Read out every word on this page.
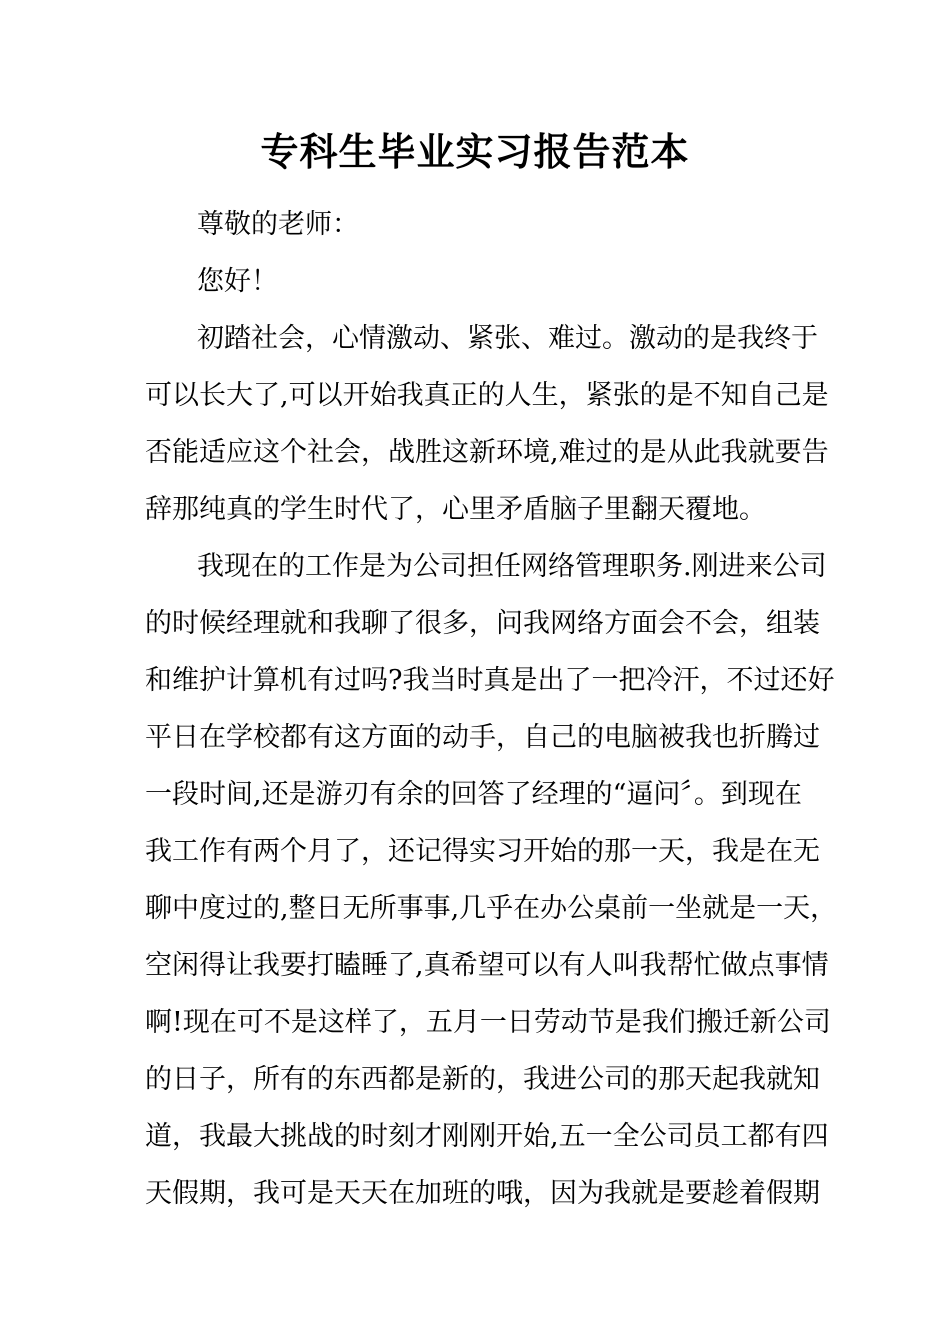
专科生毕业实习报告范本

尊敬的老师：

您好！

初踏社会，心情激动、紧张、难过。激动的是我终于

可以长大了,可以开始我真正的人生，紧张的是不知自己是

否能适应这个社会，战胜这新环境,难过的是从此我就要告

辞那纯真的学生时代了，心里矛盾脑子里翻天覆地。

我现在的工作是为公司担任网络管理职务.刚进来公司

的时候经理就和我聊了很多，问我网络方面会不会，组装

和维护计算机有过吗?我当时真是出了一把冷汗，不过还好

平日在学校都有这方面的动手，自己的电脑被我也折腾过

一段时间,还是游刃有余的回答了经理的“逼问〞。到现在

我工作有两个月了，还记得实习开始的那一天，我是在无

聊中度过的,整日无所事事,几乎在办公桌前一坐就是一天，

空闲得让我要打瞌睡了,真希望可以有人叫我帮忙做点事情

啊!现在可不是这样了，五月一日劳动节是我们搬迁新公司

的日子，所有的东西都是新的，我进公司的那天起我就知

道，我最大挑战的时刻才刚刚开始,五一全公司员工都有四

天假期，我可是天天在加班的哦，因为我就是要趁着假期
